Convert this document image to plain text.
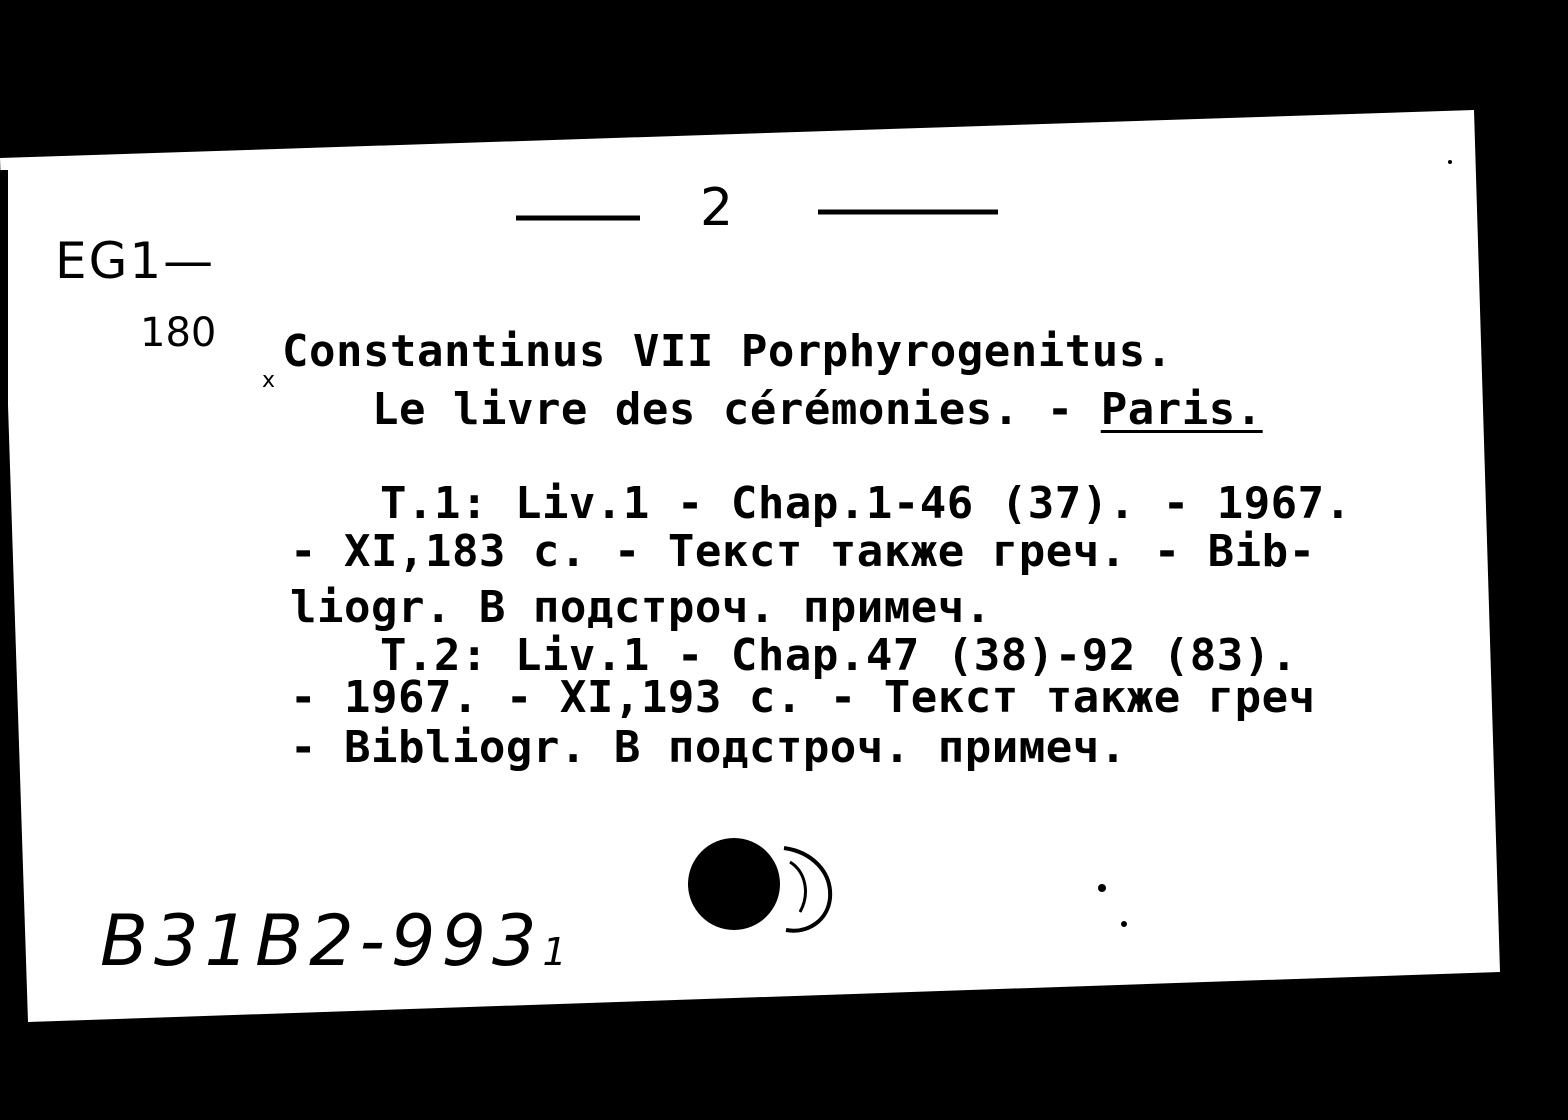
2
EG1—
180
x
Constantinus VII Porphyrogenitus.
Le livre des cérémonies. - Paris.
T.1: Liv.1 - Chap.1-46 (37). - 1967.
- XI,183 c. - Текст также греч. - Bib-
liogr. В подстроч. примеч.
T.2: Liv.1 - Chap.47 (38)-92 (83).
- 1967. - XI,193 c. - Текст также греч
- Bibliogr. В подстроч. примеч.
B31B2-9931
